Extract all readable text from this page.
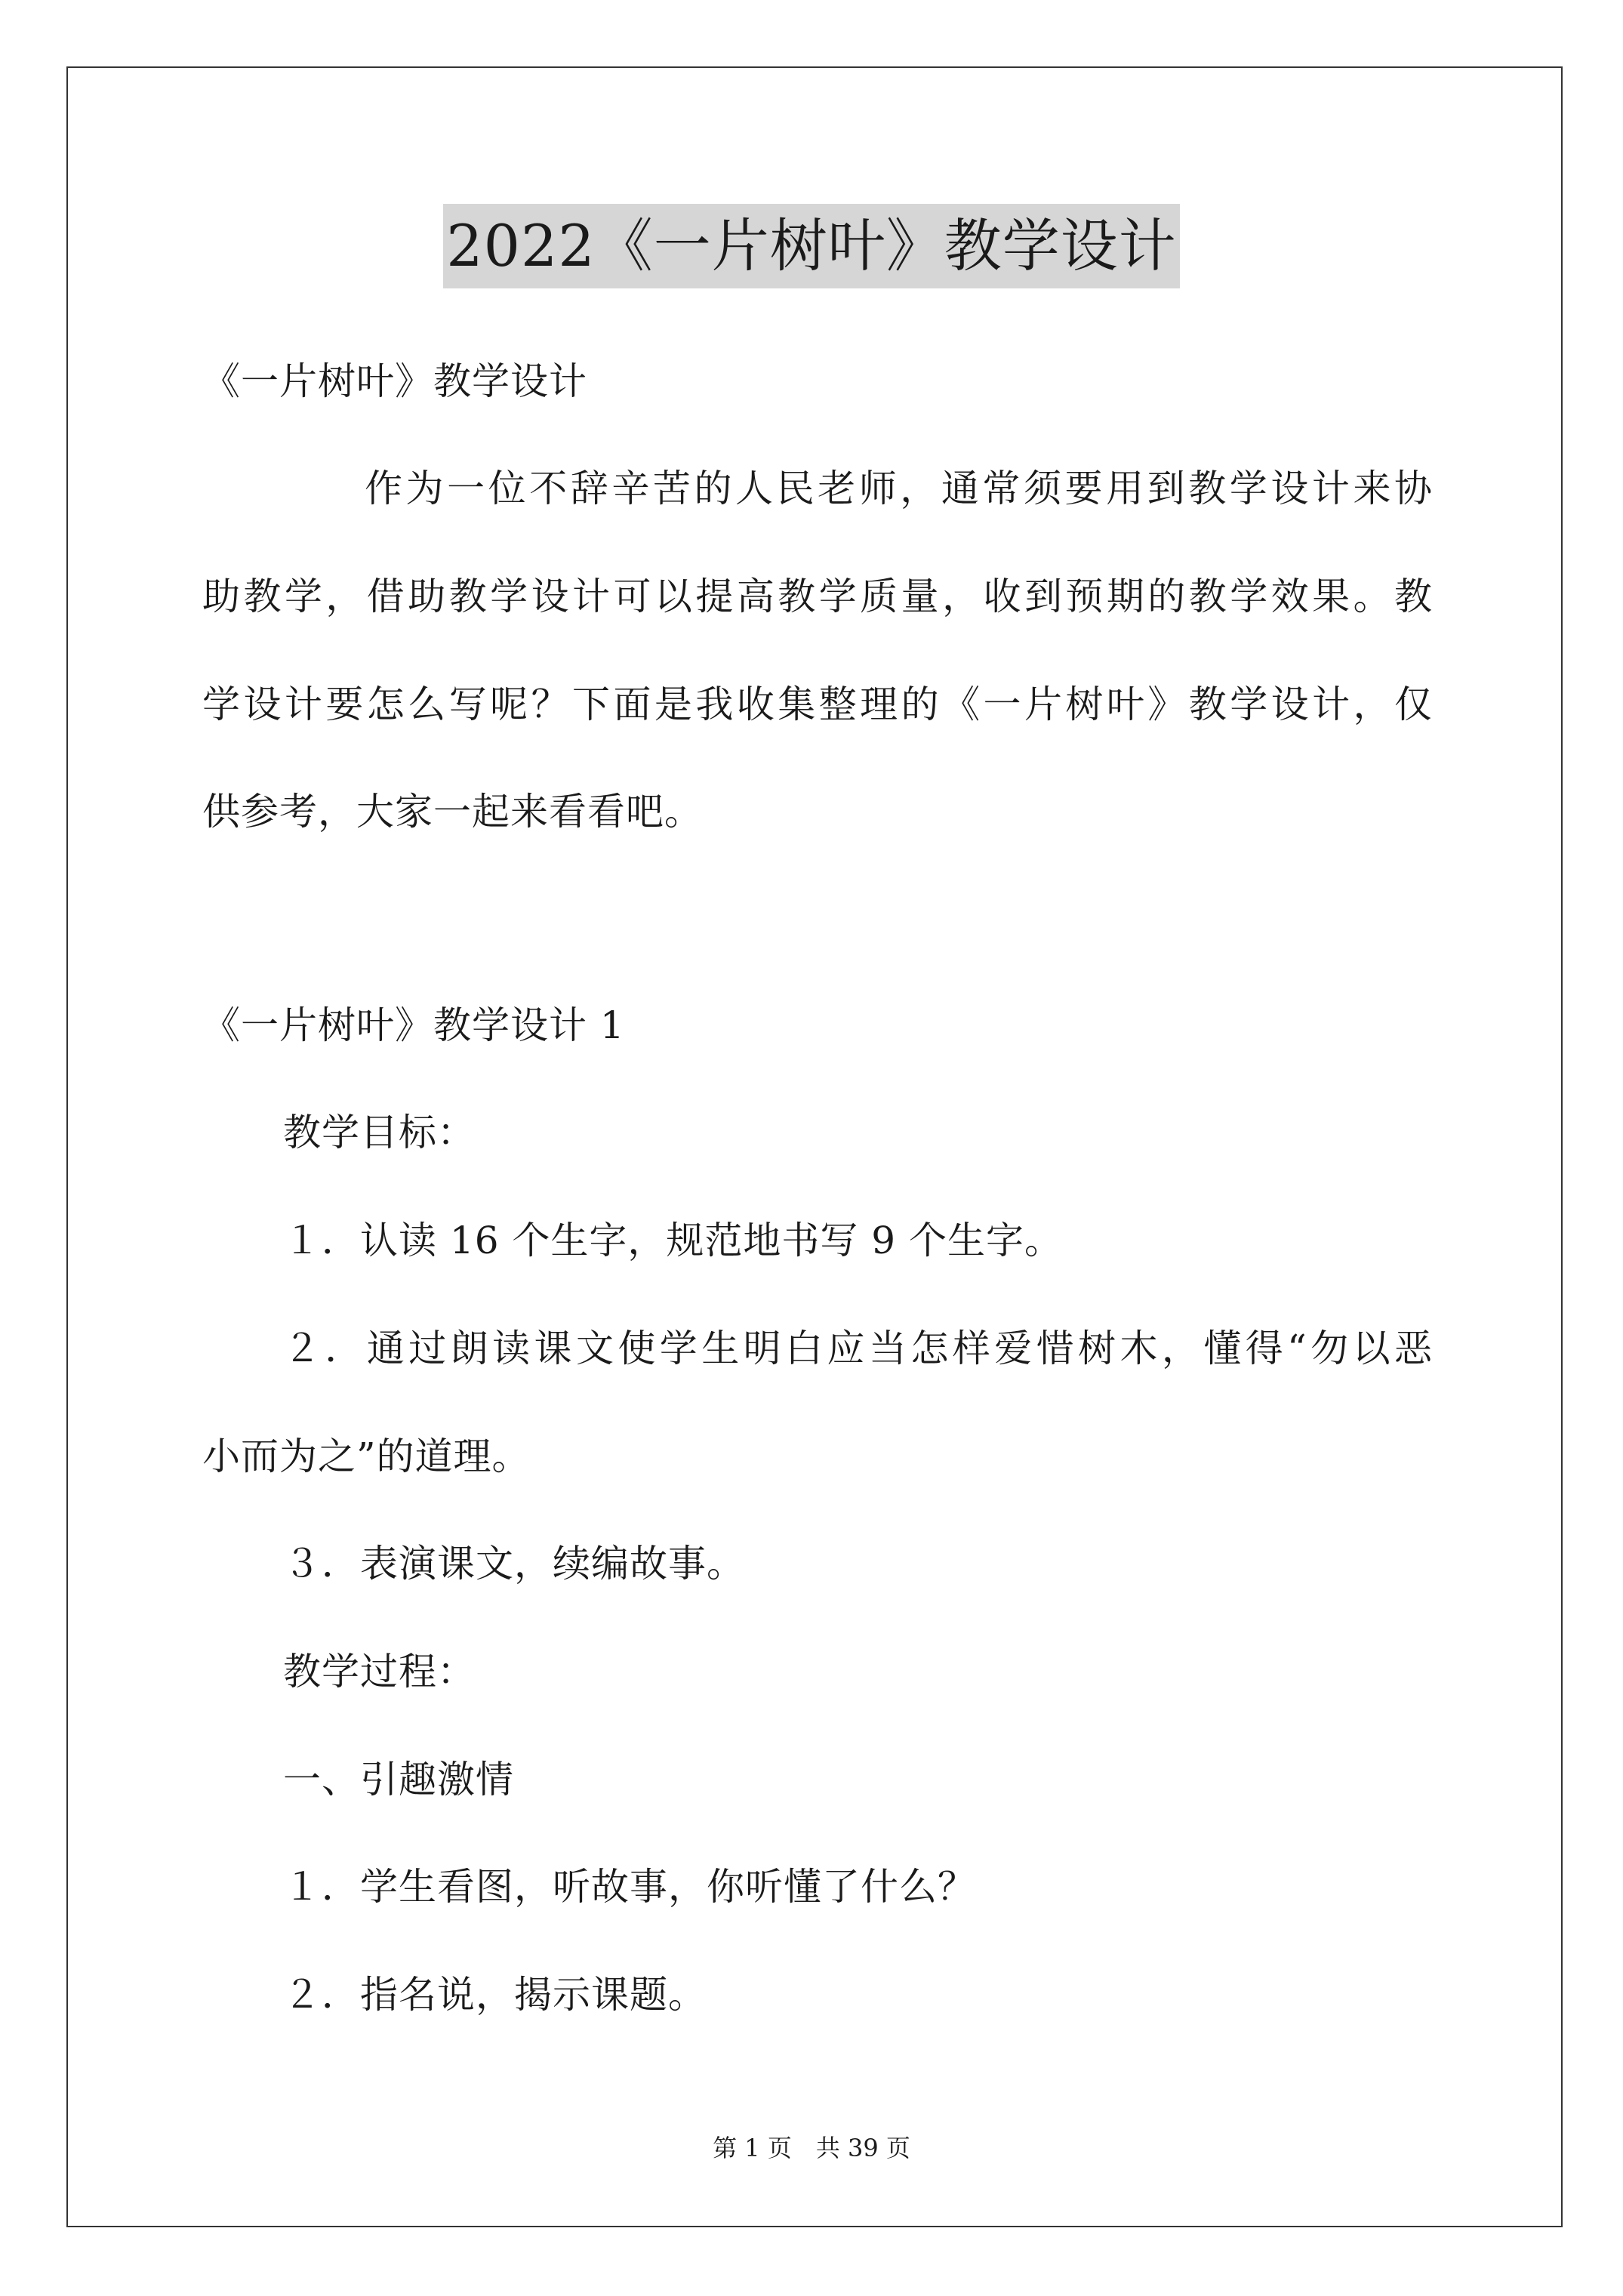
2022《一片树叶》教学设计
《一片树叶》教学设计
作为一位不辞辛苦的人民老师，通常须要用到教学设计来协
助教学，借助教学设计可以提高教学质量，收到预期的教学效果。教
学设计要怎么写呢？下面是我收集整理的《一片树叶》教学设计，仅
供参考，大家一起来看看吧。
《一片树叶》教学设计 1
教学目标：
１．认读 16 个生字，规范地书写 9 个生字。
２．通过朗读课文使学生明白应当怎样爱惜树木，懂得“勿以恶
小而为之”的道理。
３．表演课文，续编故事。
教学过程：
一、引趣激情
１．学生看图，听故事，你听懂了什么？
２．指名说，揭示课题。
第 1 页　共 39 页
